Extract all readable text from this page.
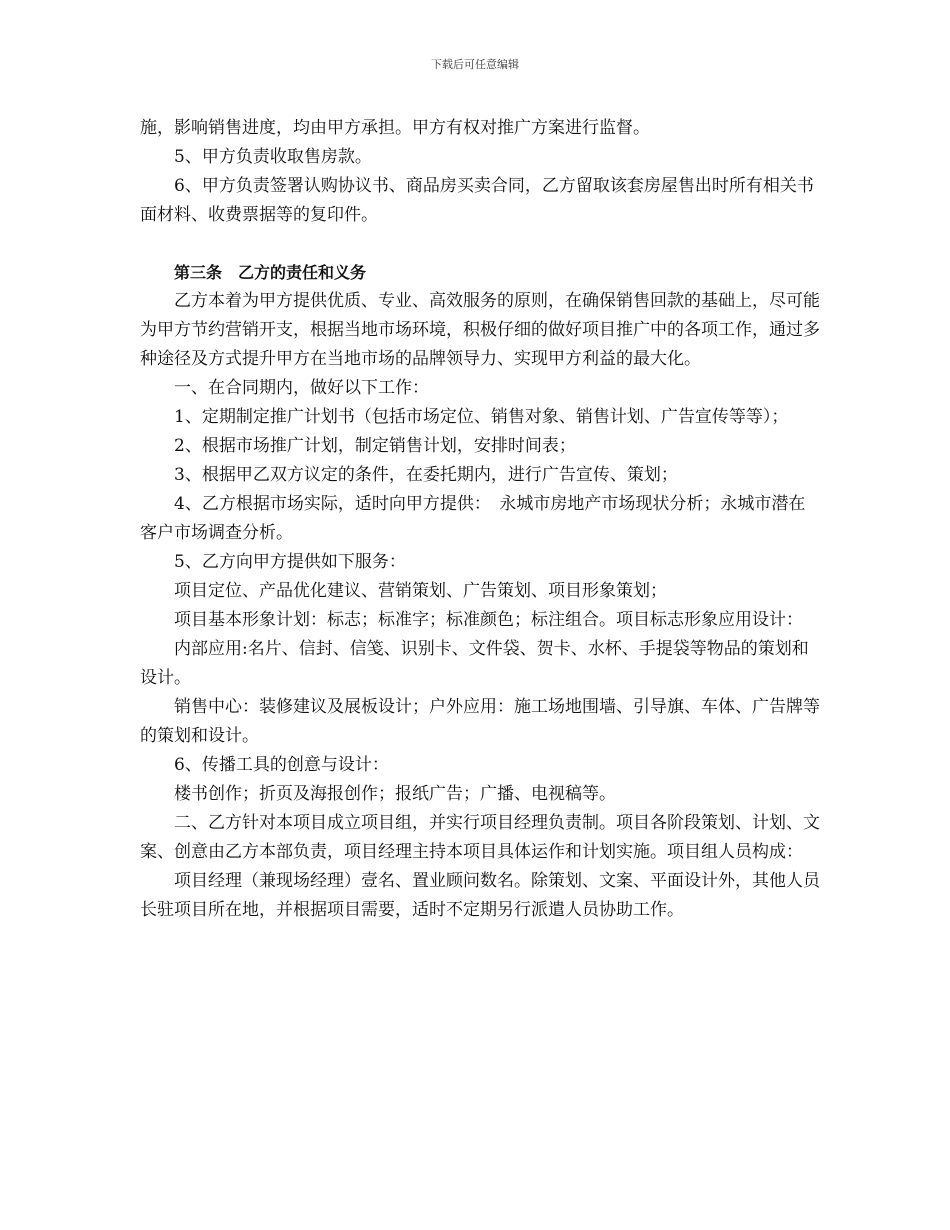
下载后可任意编辑

施，影响销售进度，均由甲方承担。甲方有权对推广方案进行监督。

5、甲方负责收取售房款。

6、甲方负责签署认购协议书、商品房买卖合同，乙方留取该套房屋售出时所有相关书面材料、收费票据等的复印件。

第三条　乙方的责任和义务

乙方本着为甲方提供优质、专业、高效服务的原则，在确保销售回款的基础上，尽可能为甲方节约营销开支，根据当地市场环境，积极仔细的做好项目推广中的各项工作，通过多种途径及方式提升甲方在当地市场的品牌领导力、实现甲方利益的最大化。

一、在合同期内，做好以下工作：

1、定期制定推广计划书（包括市场定位、销售对象、销售计划、广告宣传等等）；

2、根据市场推广计划，制定销售计划，安排时间表；

3、根据甲乙双方议定的条件，在委托期内，进行广告宣传、策划；

4、乙方根据市场实际，适时向甲方提供：　永城市房地产市场现状分析；永城市潜在客户市场调查分析。

5、乙方向甲方提供如下服务：

项目定位、产品优化建议、营销策划、广告策划、项目形象策划；

项目基本形象计划：标志；标准字；标准颜色；标注组合。项目标志形象应用设计：

内部应用:名片、信封、信笺、识别卡、文件袋、贺卡、水杯、手提袋等物品的策划和设计。

销售中心：装修建议及展板设计；户外应用：施工场地围墙、引导旗、车体、广告牌等的策划和设计。

6、传播工具的创意与设计：

楼书创作；折页及海报创作；报纸广告；广播、电视稿等。

二、乙方针对本项目成立项目组，并实行项目经理负责制。项目各阶段策划、计划、文案、创意由乙方本部负责，项目经理主持本项目具体运作和计划实施。项目组人员构成：

项目经理（兼现场经理）壹名、置业顾问数名。除策划、文案、平面设计外，其他人员长驻项目所在地，并根据项目需要，适时不定期另行派遣人员协助工作。
